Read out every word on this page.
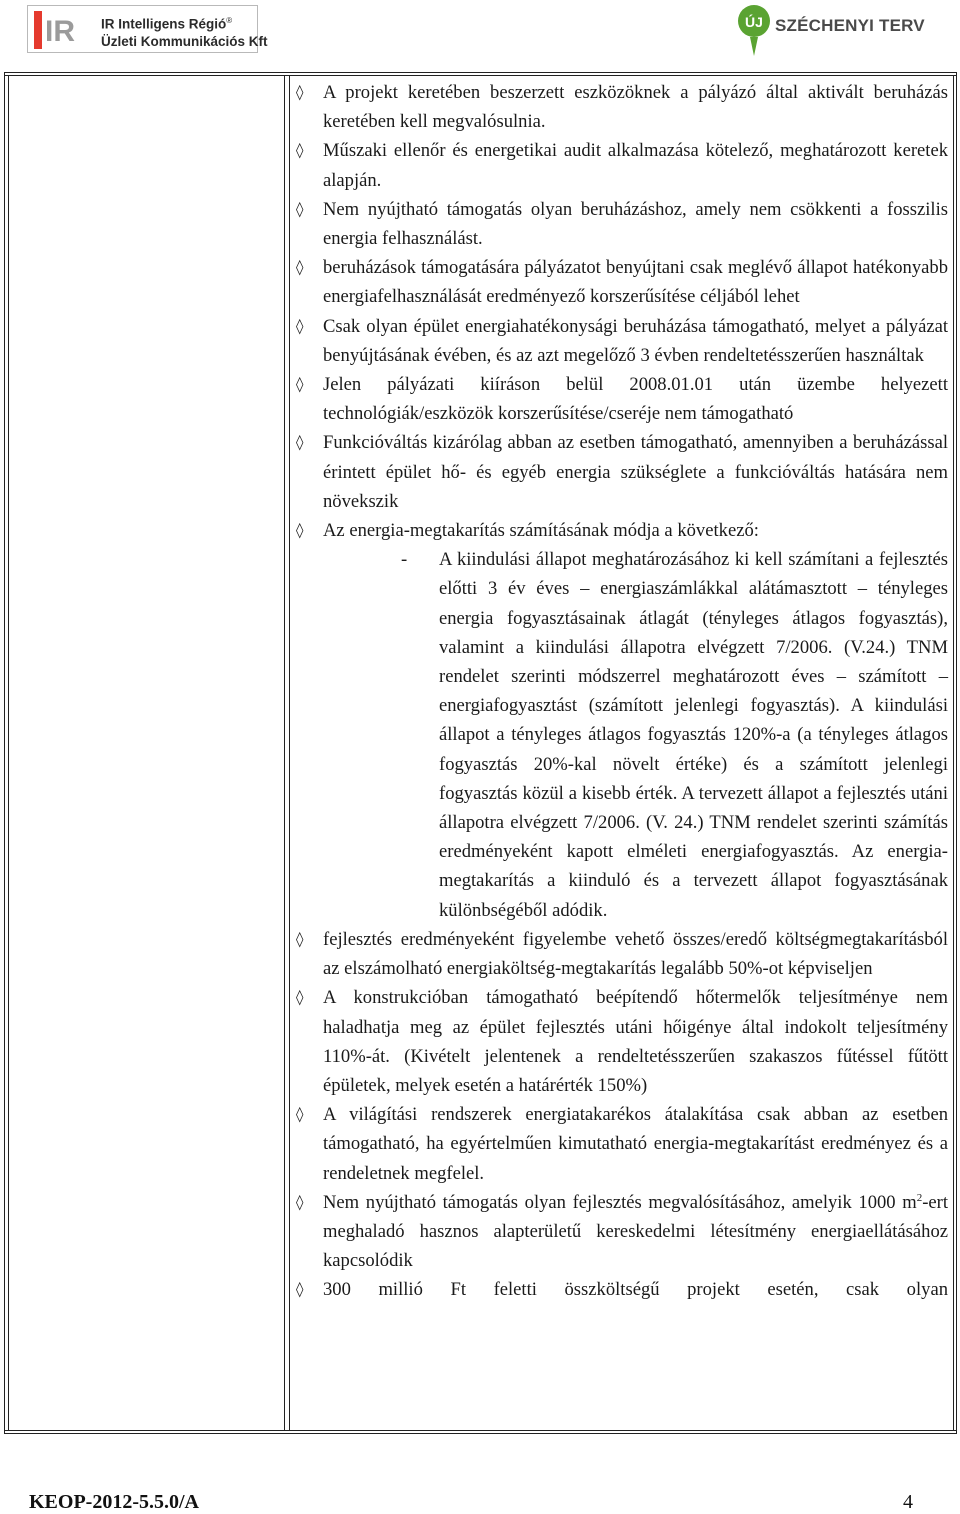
IR IR Intelligens Régió®
Üzleti Kommunikációs Kft
ÚJ SZÉCHENYI TERV
◊	A projekt keretében beszerzett eszközöknek a pályázó által aktivált beruházás keretében kell megvalósulnia.
◊	Műszaki ellenőr és energetikai audit alkalmazása kötelező, meghatározott keretek alapján.
◊	Nem nyújtható támogatás olyan beruházáshoz, amely nem csökkenti a fosszilis energia felhasználást.
◊	beruházások támogatására pályázatot benyújtani csak meglévő állapot hatékonyabb energiafelhasználását eredményező korszerűsítése céljából lehet
◊	Csak olyan épület energiahatékonysági beruházása támogatható, melyet a pályázat benyújtásának évében, és az azt megelőző 3 évben rendeltetésszerűen használtak
◊	Jelen pályázati kiíráson belül 2008.01.01 után üzembe helyezett technológiák/eszközök korszerűsítése/cseréje nem támogatható
◊	Funkcióváltás kizárólag abban az esetben támogatható, amennyiben a beruházással érintett épület hő- és egyéb energia szükséglete a funkcióváltás hatására nem növekszik
◊	Az energia-megtakarítás számításának módja a következő:
- A kiindulási állapot meghatározásához ki kell számítani a fejlesztés előtti 3 év éves – energiaszámlákkal alátámasztott – tényleges energia fogyasztásainak átlagát (tényleges átlagos fogyasztás), valamint a kiindulási állapotra elvégzett 7/2006. (V.24.) TNM rendelet szerinti módszerrel meghatározott éves – számított – energiafogyasztást (számított jelenlegi fogyasztás). A kiindulási állapot a tényleges átlagos fogyasztás 120%-a (a tényleges átlagos fogyasztás 20%-kal növelt értéke) és a számított jelenlegi fogyasztás közül a kisebb érték. A tervezett állapot a fejlesztés utáni állapotra elvégzett 7/2006. (V. 24.) TNM rendelet szerinti számítás eredményeként kapott elméleti energiafogyasztás. Az energia-megtakarítás a kiinduló és a tervezett állapot fogyasztásának különbségéből adódik.
◊	fejlesztés eredményeként figyelembe vehető összes/eredő költségmegtakarításból az elszámolható energiaköltség-megtakarítás legalább 50%-ot képviseljen
◊	A konstrukcióban támogatható beépítendő hőtermelők teljesítménye nem haladhatja meg az épület fejlesztés utáni hőigénye által indokolt teljesítmény 110%-át. (Kivételt jelentenek a rendeltetésszerűen szakaszos fűtéssel fűtött épületek, melyek esetén a határérték 150%)
◊	A világítási rendszerek energiatakarékos átalakítása csak abban az esetben támogatható, ha egyértelműen kimutatható energia-megtakarítást eredményez és a rendeletnek megfelel.
◊	Nem nyújtható támogatás olyan fejlesztés megvalósításához, amelyik 1000 $m^2$-ert meghaladó hasznos alapterületű kereskedelmi létesítmény energiaellátásához kapcsolódik
◊	300 millió Ft feletti összköltségű projekt esetén, csak olyan
KEOP-2012-5.5.0/A	4
